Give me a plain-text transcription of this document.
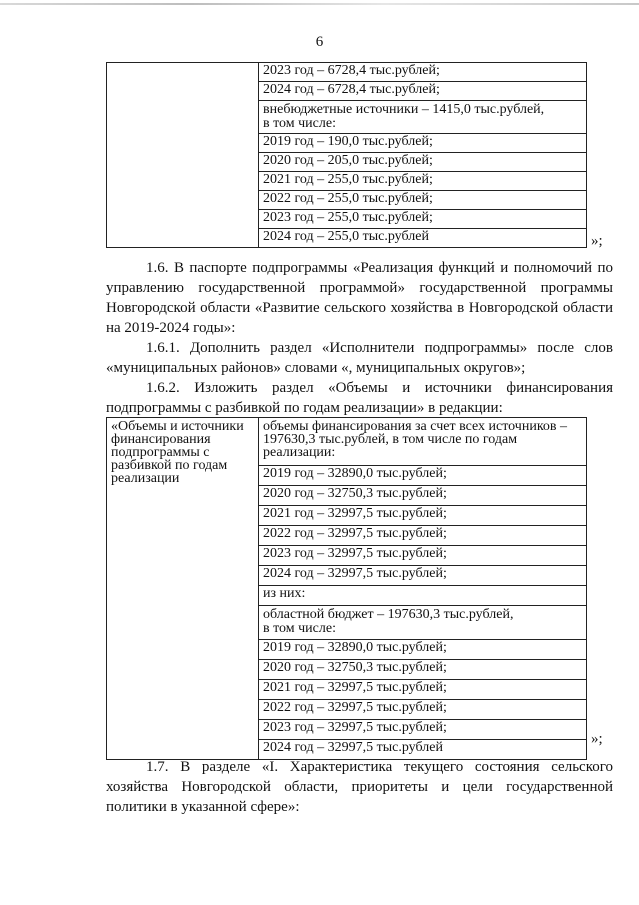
6
	2023 год – 6728,4 тыс.рублей;
2024 год – 6728,4 тыс.рублей;
внебюджетные источники – 1415,0 тыс.рублей,
в том числе:
2019 год – 190,0 тыс.рублей;
2020 год – 205,0 тыс.рублей;
2021 год – 255,0 тыс.рублей;
2022 год – 255,0 тыс.рублей;
2023 год – 255,0 тыс.рублей;
2024 год – 255,0 тыс.рублей	»;

1.6. В паспорте подпрограммы «Реализация функций и полномочий по управлению государственной программой» государственной программы Новгородской области «Развитие сельского хозяйства в Новгородской области на 2019-2024 годы»:

1.6.1. Дополнить раздел «Исполнители подпрограммы» после слов «муниципальных районов» словами «, муниципальных округов»;

1.6.2. Изложить раздел «Объемы и источники финансирования подпрограммы с разбивкой по годам реализации» в редакции:

«Объемы и источники финансирования подпрограммы с разбивкой по годам реализации	объемы финансирования за счет всех источников – 197630,3 тыс.рублей, в том числе по годам реализации:
2019 год – 32890,0 тыс.рублей;
2020 год – 32750,3 тыс.рублей;
2021 год – 32997,5 тыс.рублей;
2022 год – 32997,5 тыс.рублей;
2023 год – 32997,5 тыс.рублей;
2024 год – 32997,5 тыс.рублей;
из них:
областной бюджет – 197630,3 тыс.рублей,
в том числе:
2019 год – 32890,0 тыс.рублей;
2020 год – 32750,3 тыс.рублей;
2021 год – 32997,5 тыс.рублей;
2022 год – 32997,5 тыс.рублей;
2023 год – 32997,5 тыс.рублей;
2024 год – 32997,5 тыс.рублей
»;

1.7. В разделе «I. Характеристика текущего состояния сельского хозяйства Новгородской области, приоритеты и цели государственной политики в указанной сфере»:
